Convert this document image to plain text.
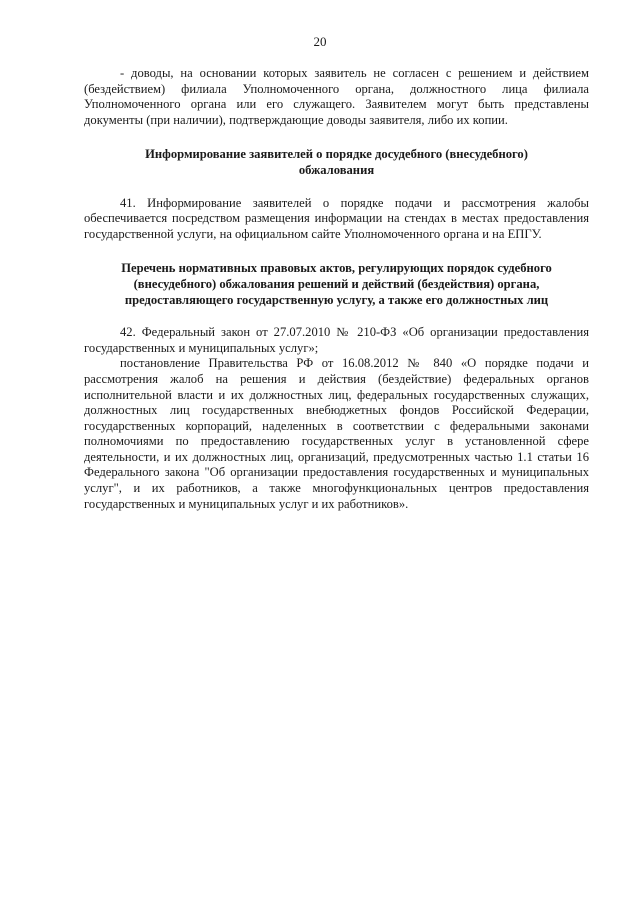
20

- доводы, на основании которых заявитель не согласен с решением и действием (бездействием) филиала Уполномоченного органа, должностного лица филиала Уполномоченного органа или его служащего. Заявителем могут быть представлены документы (при наличии), подтверждающие доводы заявителя, либо их копии.

Информирование заявителей о порядке досудебного (внесудебного) обжалования

41. Информирование заявителей о порядке подачи и рассмотрения жалобы обеспечивается посредством размещения информации на стендах в местах предоставления государственной услуги, на официальном сайте Уполномоченного органа и на ЕПГУ.

Перечень нормативных правовых актов, регулирующих порядок судебного (внесудебного) обжалования решений и действий (бездействия) органа, предоставляющего государственную услугу, а также его должностных лиц

42. Федеральный закон от 27.07.2010 № 210-ФЗ «Об организации предоставления государственных и муниципальных услуг»;

постановление Правительства РФ от 16.08.2012 № 840 «О порядке подачи и рассмотрения жалоб на решения и действия (бездействие) федеральных органов исполнительной власти и их должностных лиц, федеральных государственных служащих, должностных лиц государственных внебюджетных фондов Российской Федерации, государственных корпораций, наделенных в соответствии с федеральными законами полномочиями по предоставлению государственных услуг в установленной сфере деятельности, и их должностных лиц, организаций, предусмотренных частью 1.1 статьи 16 Федерального закона "Об организации предоставления государственных и муниципальных услуг", и их работников, а также многофункциональных центров предоставления государственных и муниципальных услуг и их работников».
